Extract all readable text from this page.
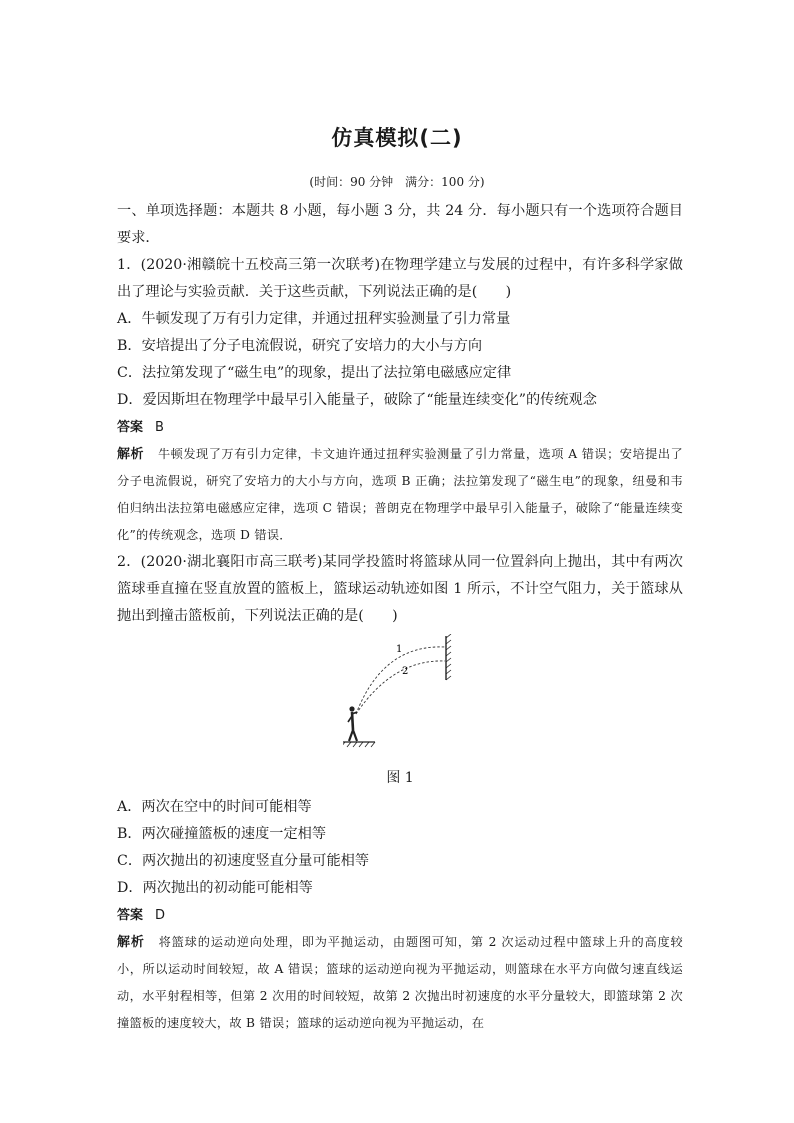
仿真模拟(二)
(时间：90 分钟　满分：100 分)

一、单项选择题：本题共 8 小题，每小题 3 分，共 24 分．每小题只有一个选项符合题目要求．

1．(2020·湘赣皖十五校高三第一次联考)在物理学建立与发展的过程中，有许多科学家做出了理论与实验贡献．关于这些贡献，下列说法正确的是(　　)

A．牛顿发现了万有引力定律，并通过扭秤实验测量了引力常量

B．安培提出了分子电流假说，研究了安培力的大小与方向

C．法拉第发现了“磁生电”的现象，提出了法拉第电磁感应定律

D．爱因斯坦在物理学中最早引入能量子，破除了“能量连续变化”的传统观念

答案 B

解析 牛顿发现了万有引力定律，卡文迪许通过扭秤实验测量了引力常量，选项 A 错误；安培提出了分子电流假说，研究了安培力的大小与方向，选项 B 正确；法拉第发现了“磁生电”的现象，纽曼和韦伯归纳出法拉第电磁感应定律，选项 C 错误；普朗克在物理学中最早引入能量子，破除了“能量连续变化”的传统观念，选项 D 错误．

2．(2020·湖北襄阳市高三联考)某同学投篮时将篮球从同一位置斜向上抛出，其中有两次篮球垂直撞在竖直放置的篮板上，篮球运动轨迹如图 1 所示，不计空气阻力，关于篮球从抛出到撞击篮板前，下列说法正确的是(　　)

1
2

图 1

A．两次在空中的时间可能相等

B．两次碰撞篮板的速度一定相等

C．两次抛出的初速度竖直分量可能相等

D．两次抛出的初动能可能相等

答案 D

解析 将篮球的运动逆向处理，即为平抛运动，由题图可知，第 2 次运动过程中篮球上升的高度较小，所以运动时间较短，故 A 错误；篮球的运动逆向视为平抛运动，则篮球在水平方向做匀速直线运动，水平射程相等，但第 2 次用的时间较短，故第 2 次抛出时初速度的水平分量较大，即篮球第 2 次撞篮板的速度较大，故 B 错误；篮球的运动逆向视为平抛运动，在
